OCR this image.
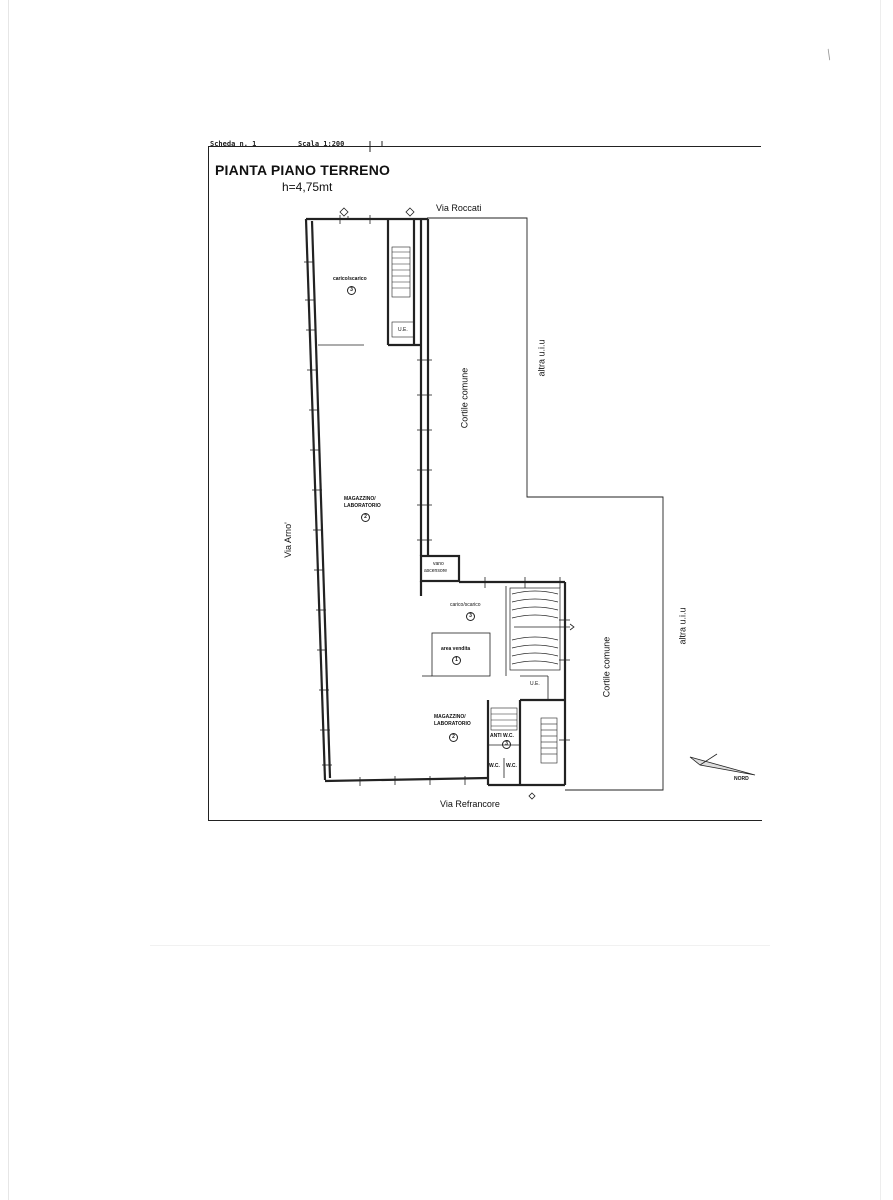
∕
Scheda n. 1	Scala 1:200
PIANTA PIANO TERRENO
h=4,75mt
Via Roccati
Via Refrancore
Via Arno'
Cortile comune
Cortile comune
altra u.i.u
altra u.i.u
carico/scarico
3
MAGAZZINO/
LABORATORIO
2
carico/scarico
3
area vendita
1
MAGAZZINO/
LABORATORIO
2	ANTI W.C.
3
W.C. W.C.
vano
ascensore
U.E.
U.E.
NORD
